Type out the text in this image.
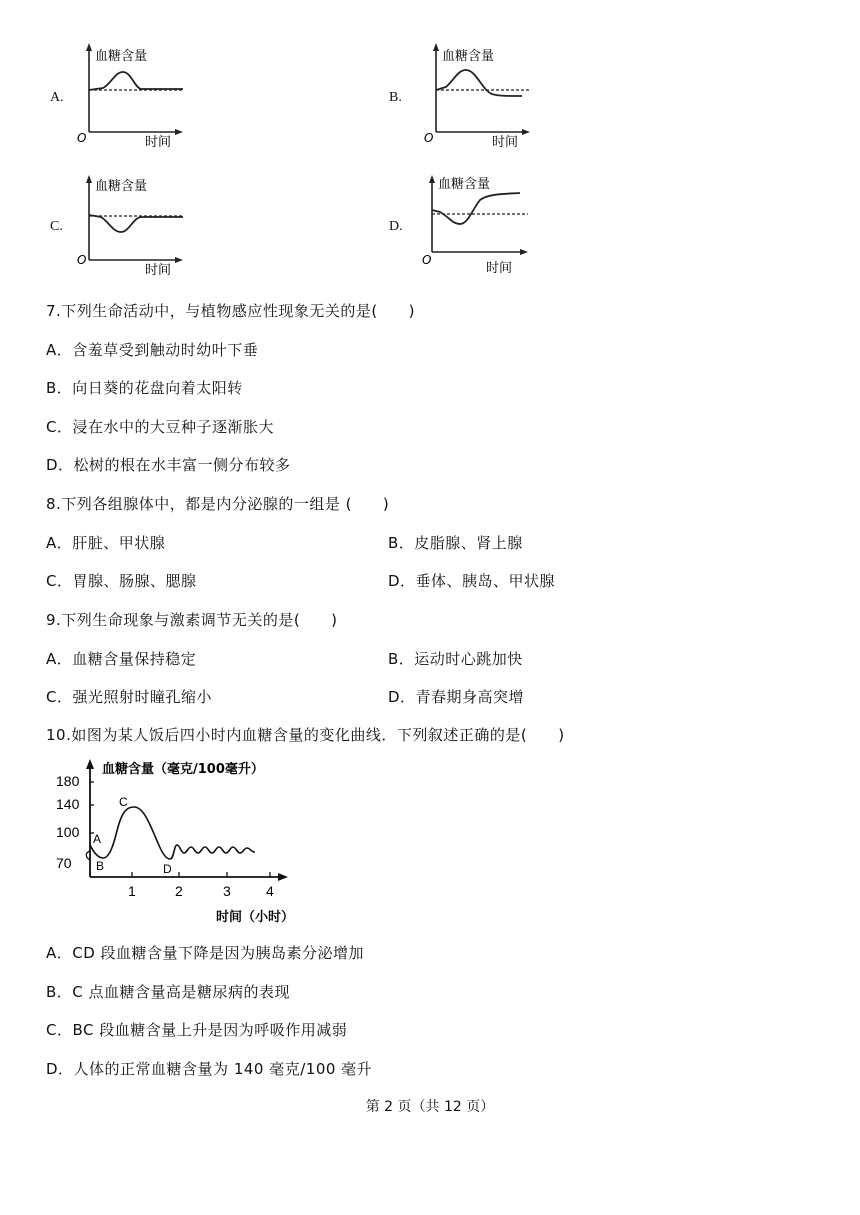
A.	B.
C.	D.
血糖含量
O	时间
血糖含量
O	时间
血糖含量
O
时间
血糖含量
O
时间
7.下列生命活动中，与植物感应性现象无关的是(　　)
A．含羞草受到触动时幼叶下垂
B．向日葵的花盘向着太阳转
C．浸在水中的大豆种子逐渐胀大
D．松树的根在水丰富一侧分布较多
8.下列各组腺体中，都是内分泌腺的一组是 (　　)
A．肝脏、甲状腺	B．皮脂腺、肾上腺
C．胃腺、肠腺、腮腺	D．垂体、胰岛、甲状腺
9.下列生命现象与激素调节无关的是(　　)
A．血糖含量保持稳定	B．运动时心跳加快
C．强光照射时瞳孔缩小	D．青春期身高突增
10.如图为某人饭后四小时内血糖含量的变化曲线．下列叙述正确的是(　　)
180
140
100
70
1	2	3	4
A
B
C
D
血糖含量（毫克/100毫升）
时间（小时）
A．CD 段血糖含量下降是因为胰岛素分泌增加
B．C 点血糖含量高是糖尿病的表现
C．BC 段血糖含量上升是因为呼吸作用减弱
D．人体的正常血糖含量为 140 毫克/100 毫升
第 2 页（共 12 页）
